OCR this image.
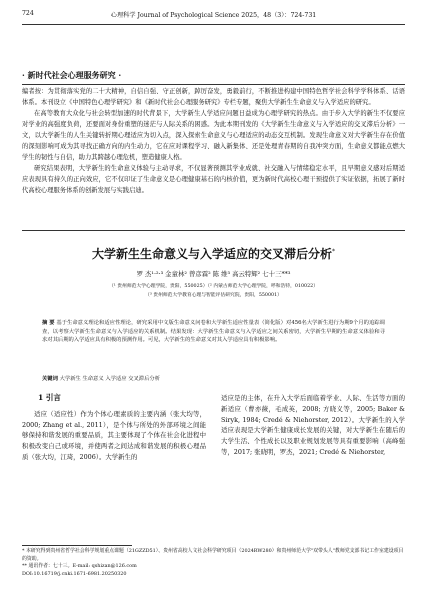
724	心理科学 Journal of Psychological Science 2025，48（3）：724-731
· 新时代社会心理服务研究 ·

编者按：为贯彻落实党的二十大精神，自信自强、守正创新，踔厉奋发，勇毅前行，不断推进构建中国特色哲学社会科学学科体系、话语体系。本刊设立《中国特色心理学研究》和《新时代社会心理服务研究》专栏专题，聚焦大学新生生命意义与入学适应的研究。

在高等教育大众化与社会转型加速的时代背景下，大学新生人学适应问题日益成为心理学研究的热点。由于步入大学的新生不仅要应对学业的高强度负荷，还要面对身份重塑的迷茫与人际关系的困惑。为此本期刊发的《大学新生生命意义与入学适应的交叉滞后分析》一文，以大学新生的人生关键转折期心理适应为切入点，深入探索生命意义与心理适应的动态交互机制。发现生命意义对大学新生存在价值的深刻影响可成为其寻找正确方向的内生动力，它在应对课程学习、融入新集体、还是处理青春期的自我冲突方面，生命意义都能点燃大学生的韧性与自信，助力其跨越心理危机，塑造健康人格。

研究结果表明，大学新生的生命意义体验与主动寻求，不仅显著预测其学业成就、社交融入与情绪稳定水平，且早期意义感对后期适应表现具有持久的正向效应，它不仅印证了生命意义是心理健康基石的内核价值，更为新时代高校心理干预提供了实证依据，拓展了新时代高校心理服务体系的创新发展与实践启迪。

大学新生生命意义与入学适应的交叉滞后分析*
罗 杰¹·²·³ 金童林² 曾彦霖² 陈 维³ 高云特辉² 七十三**³
（¹ 贵州师范大学心理学院，贵阳，550025）（² 内蒙古师范大学心理学院，呼和浩特，010022）
（³ 贵州师范大学教育心理与智能评估研究院，贵阳，550001）

摘 要 基于生命意义理论和适应性理论，研究采用中文版生命意义问卷和大学新生适应性量表（简化版）对456名大学新生进行为期9个月的追踪调查，以考察大学新生生命意义与入学适应的关系机制。结果发现：大学新生生命意义与入学适应之间关系密切，大学新生早期的生命意义体验和寻求对其后期的入学适应具有积极的预测作用。可见，大学新生的生命意义对其入学适应具有积极影响。

关键词 大学新生 生命意义 入学适应 交叉滞后分析
1 引言

适应（适应性）作为个体心理素质的主要内涵（张大均等，2000; Zhang et al., 2011），是个体与所处的外部环境之间能够保持和谐发展的重要品质，其主要体现了个体在社会化进程中积极改变自己或环境，并使两者之间达成和谐发展的积极心理品质（张大均，江琦，2006）。大学新生的

适应是的主体，在升入大学后面临着学业、人际、生活等方面的新适应（曹亦薇，毛成英，2008; 方晓义等，2005; Baker & Siryk, 1984; Credé & Niehorster, 2012）。大学新生的入学适应表现是大学新生健康成长发展的关键，对大学新生在随后的大学生活、个性成长以及职业规划发展等具有重要影响（高峰强等，2017; 张晓明，罗杰，2021; Credé & Niehorster,

* 本研究得到贵州省哲学社会科学规划重点课题（21GZZD51）、贵州省高校人文社会科学研究项目（2024RW280）和贵州师范大学"双带头人"教师党支部书记工作室建设项目的资助。

** 通讯作者：七十三。E-mail: qshizan@126.com

DOI:10.16719/j.cnki.1671-6981.20250320
